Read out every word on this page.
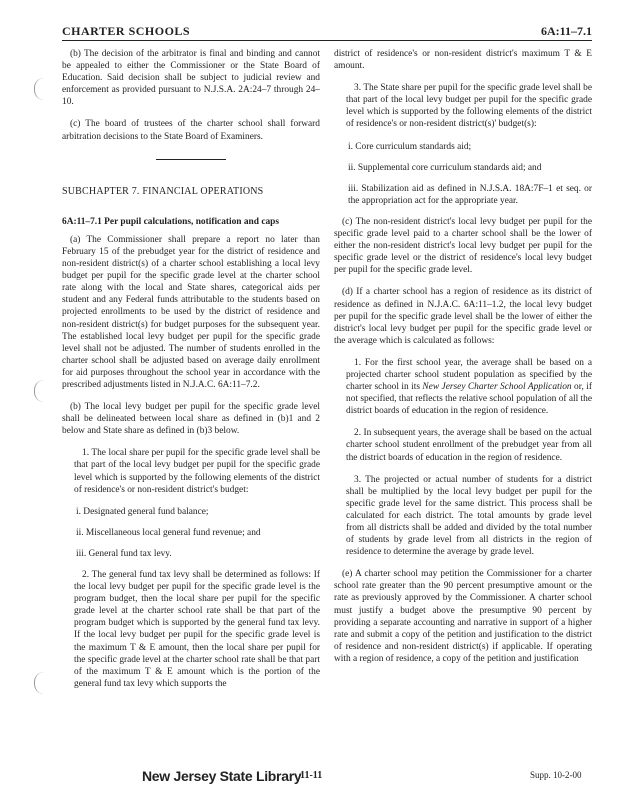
CHARTER SCHOOLS	6A:11–7.1

(b) The decision of the arbitrator is final and binding and cannot be appealed to either the Commissioner or the State Board of Education. Said decision shall be subject to judicial review and enforcement as provided pursuant to N.J.S.A. 2A:24–7 through 24–10.

(c) The board of trustees of the charter school shall forward arbitration decisions to the State Board of Examiners.

SUBCHAPTER 7. FINANCIAL OPERATIONS

6A:11–7.1 Per pupil calculations, notification and caps

(a) The Commissioner shall prepare a report no later than February 15 of the prebudget year for the district of residence and non-resident district(s) of a charter school establishing a local levy budget per pupil for the specific grade level at the charter school rate along with the local and State shares, categorical aids per student and any Federal funds attributable to the students based on projected enrollments to be used by the district of residence and non-resident district(s) for budget purposes for the subsequent year. The established local levy budget per pupil for the specific grade level shall not be adjusted. The number of students enrolled in the charter school shall be adjusted based on average daily enrollment for aid purposes throughout the school year in accordance with the prescribed adjustments listed in N.J.A.C. 6A:11–7.2.

(b) The local levy budget per pupil for the specific grade level shall be delineated between local share as defined in (b)1 and 2 below and State share as defined in (b)3 below.

1. The local share per pupil for the specific grade level shall be that part of the local levy budget per pupil for the specific grade level which is supported by the following elements of the district of residence's or non-resident district's budget:

i. Designated general fund balance;

ii. Miscellaneous local general fund revenue; and

iii. General fund tax levy.

2. The general fund tax levy shall be determined as follows: If the local levy budget per pupil for the specific grade level is the program budget, then the local share per pupil for the specific grade level at the charter school rate shall be that part of the program budget which is supported by the general fund tax levy. If the local levy budget per pupil for the specific grade level is the maximum T & E amount, then the local share per pupil for the specific grade level at the charter school rate shall be that part of the maximum T & E amount which is the portion of the general fund tax levy which supports the

district of residence's or non-resident district's maximum T & E amount.

3. The State share per pupil for the specific grade level shall be that part of the local levy budget per pupil for the specific grade level which is supported by the following elements of the district of residence's or non-resident district(s)' budget(s):

i. Core curriculum standards aid;

ii. Supplemental core curriculum standards aid; and

iii. Stabilization aid as defined in N.J.S.A. 18A:7F–1 et seq. or the appropriation act for the appropriate year.

(c) The non-resident district's local levy budget per pupil for the specific grade level paid to a charter school shall be the lower of either the non-resident district's local levy budget per pupil for the specific grade level or the district of residence's local levy budget per pupil for the specific grade level.

(d) If a charter school has a region of residence as its district of residence as defined in N.J.A.C. 6A:11–1.2, the local levy budget per pupil for the specific grade level shall be the lower of either the district's local levy budget per pupil for the specific grade level or the average which is calculated as follows:

1. For the first school year, the average shall be based on a projected charter school student population as specified by the charter school in its New Jersey Charter School Application or, if not specified, that reflects the relative school population of all the district boards of education in the region of residence.

2. In subsequent years, the average shall be based on the actual charter school student enrollment of the prebudget year from all the district boards of education in the region of residence.

3. The projected or actual number of students for a district shall be multiplied by the local levy budget per pupil for the specific grade level for the same district. This process shall be calculated for each district. The total amounts by grade level from all districts shall be added and divided by the total number of students by grade level from all districts in the region of residence to determine the average by grade level.

(e) A charter school may petition the Commissioner for a charter school rate greater than the 90 percent presumptive amount or the rate as previously approved by the Commissioner. A charter school must justify a budget above the presumptive 90 percent by providing a separate accounting and narrative in support of a higher rate and submit a copy of the petition and justification to the district of residence and non-resident district(s) if applicable. If operating with a region of residence, a copy of the petition and justification

New Jersey State Library
11-11	Supp. 10-2-00
